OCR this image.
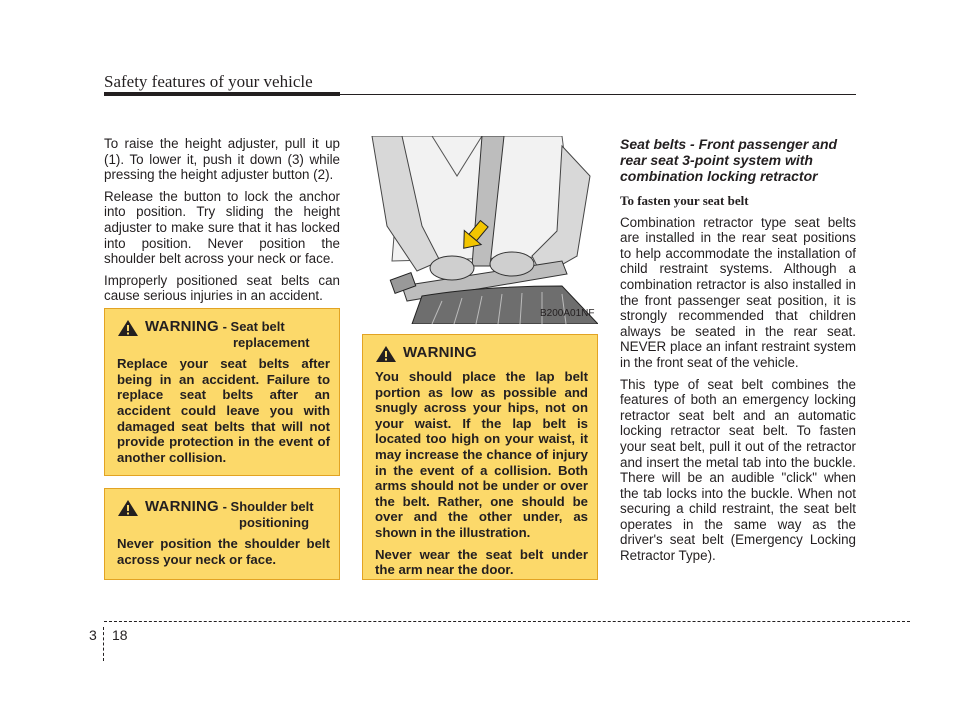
Safety features of your vehicle

To raise the height adjuster, pull it up (1). To lower it, push it down (3) while pressing the height adjuster button (2).

Release the button to lock the anchor into position. Try sliding the height adjuster to make sure that it has locked into position. Never position the shoulder belt across your neck or face.

Improperly positioned seat belts can cause serious injuries in an accident.

WARNING - Seat belt
replacement

Replace your seat belts after being in an accident. Failure to replace seat belts after an accident could leave you with damaged seat belts that will not provide protection in the event of another collision.

WARNING - Shoulder belt
positioning

Never position the shoulder belt across your neck or face.

B200A01NF
WARNING

You should place the lap belt portion as low as possible and snugly across your hips, not on your waist. If the lap belt is located too high on your waist, it may increase the chance of injury in the event of a collision. Both arms should not be under or over the belt. Rather, one should be over and the other under, as shown in the illustration.

Never wear the seat belt under the arm near the door.

Seat belts - Front passenger and rear seat 3-point system with combination locking retractor

To fasten your seat belt

Combination retractor type seat belts are installed in the rear seat positions to help accommodate the installation of child restraint systems. Although a combination retractor is also installed in the front passenger seat position, it is strongly recommended that children always be seated in the rear seat. NEVER place an infant restraint system in the front seat of the vehicle.

This type of seat belt combines the features of both an emergency locking retractor seat belt and an automatic locking retractor seat belt. To fasten your seat belt, pull it out of the retractor and insert the metal tab into the buckle. There will be an audible "click" when the tab locks into the buckle. When not securing a child restraint, the seat belt operates in the same way as the driver's seat belt (Emergency Locking Retractor Type).

3 18
